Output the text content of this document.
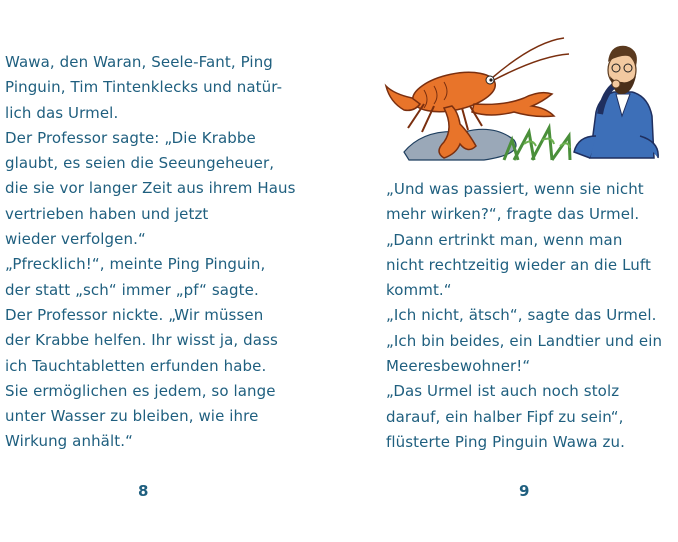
Wawa, den Waran, Seele-Fant, Ping
Pinguin, Tim Tintenklecks und natür-
lich das Urmel.
Der Professor sagte: „Die Krabbe
glaubt, es seien die Seeungeheuer,
die sie vor langer Zeit aus ihrem Haus
vertrieben haben und jetzt
wieder verfolgen.“
„Pfrecklich!“, meinte Ping Pinguin,
der statt „sch“ immer „pf“ sagte.
Der Professor nickte. „Wir müssen
der Krabbe helfen. Ihr wisst ja, dass
ich Tauchtabletten erfunden habe.
Sie ermöglichen es jedem, so lange
unter Wasser zu bleiben, wie ihre
Wirkung anhält.“
8
„Und was passiert, wenn sie nicht
mehr wirken?“, fragte das Urmel.
„Dann ertrinkt man, wenn man
nicht rechtzeitig wieder an die Luft
kommt.“
„Ich nicht, ätsch“, sagte das Urmel.
„Ich bin beides, ein Landtier und ein
Meeresbewohner!“
„Das Urmel ist auch noch stolz
darauf, ein halber Fipf zu sein“,
flüsterte Ping Pinguin Wawa zu.
9
